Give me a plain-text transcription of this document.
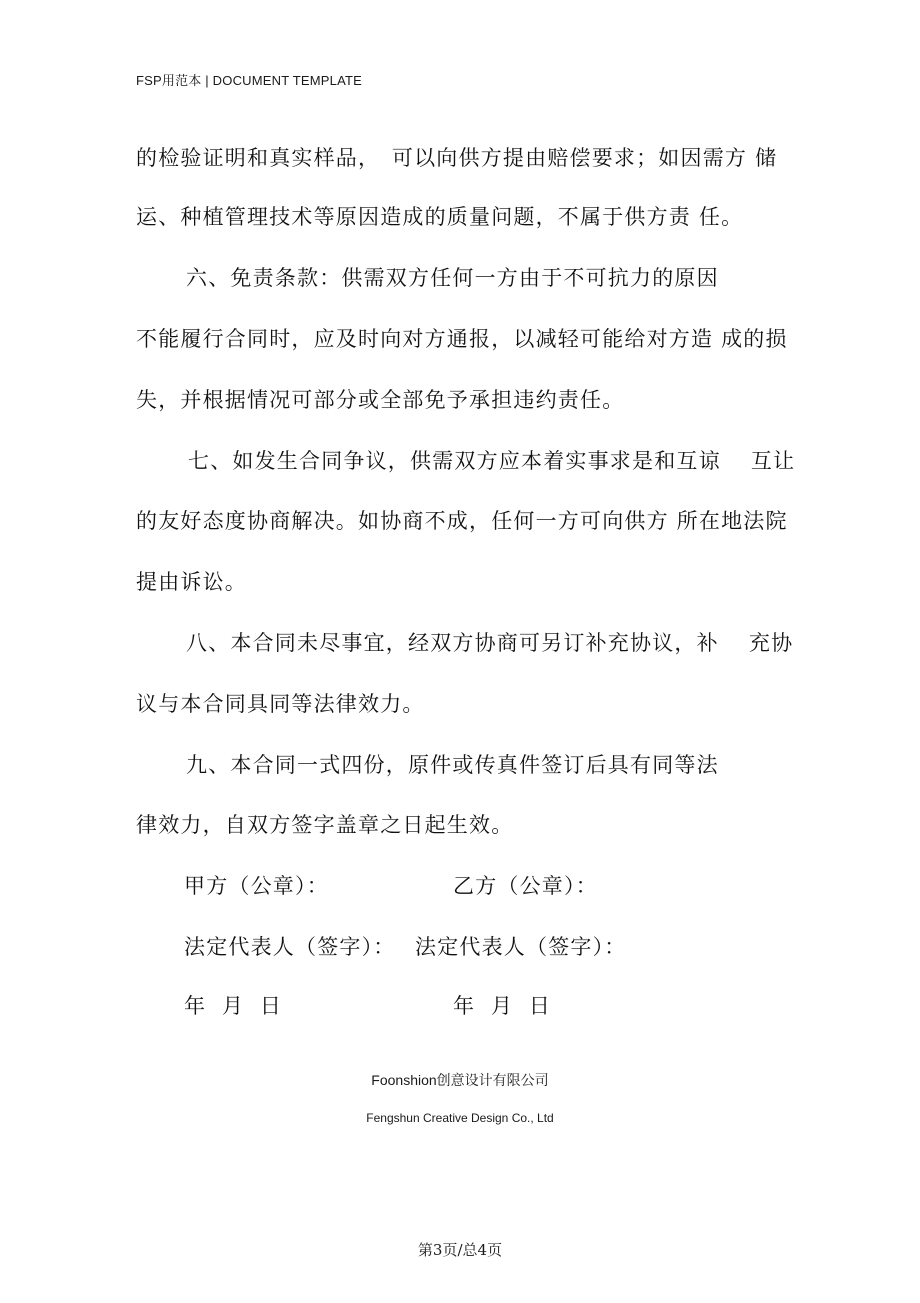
FSP用范本 | DOCUMENT TEMPLATE
的检验证明和真实样品，　可以向供方提由赔偿要求；如因需方 储
运、种植管理技术等原因造成的质量问题，不属于供方责 任。
六、免责条款：供需双方任何一方由于不可抗力的原因
不能履行合同时，应及时向对方通报，以减轻可能给对方造 成的损
失，并根据情况可部分或全部免予承担违约责任。
七、如发生合同争议，供需双方应本着实事求是和互谅　 互让
的友好态度协商解决。如协商不成，任何一方可向供方 所在地法院
提由诉讼。
八、本合同未尽事宜，经双方协商可另订补充协议，补　 充协
议与本合同具同等法律效力。
九、本合同一式四份，原件或传真件签订后具有同等法
律效力，自双方签字盖章之日起生效。
甲方（公章）：	乙方（公章）：
法定代表人（签字）： 法定代表人（签字）：
年  月  日	年  月  日
Foonshion创意设计有限公司
Fengshun Creative Design Co., Ltd
第3页/总4页
